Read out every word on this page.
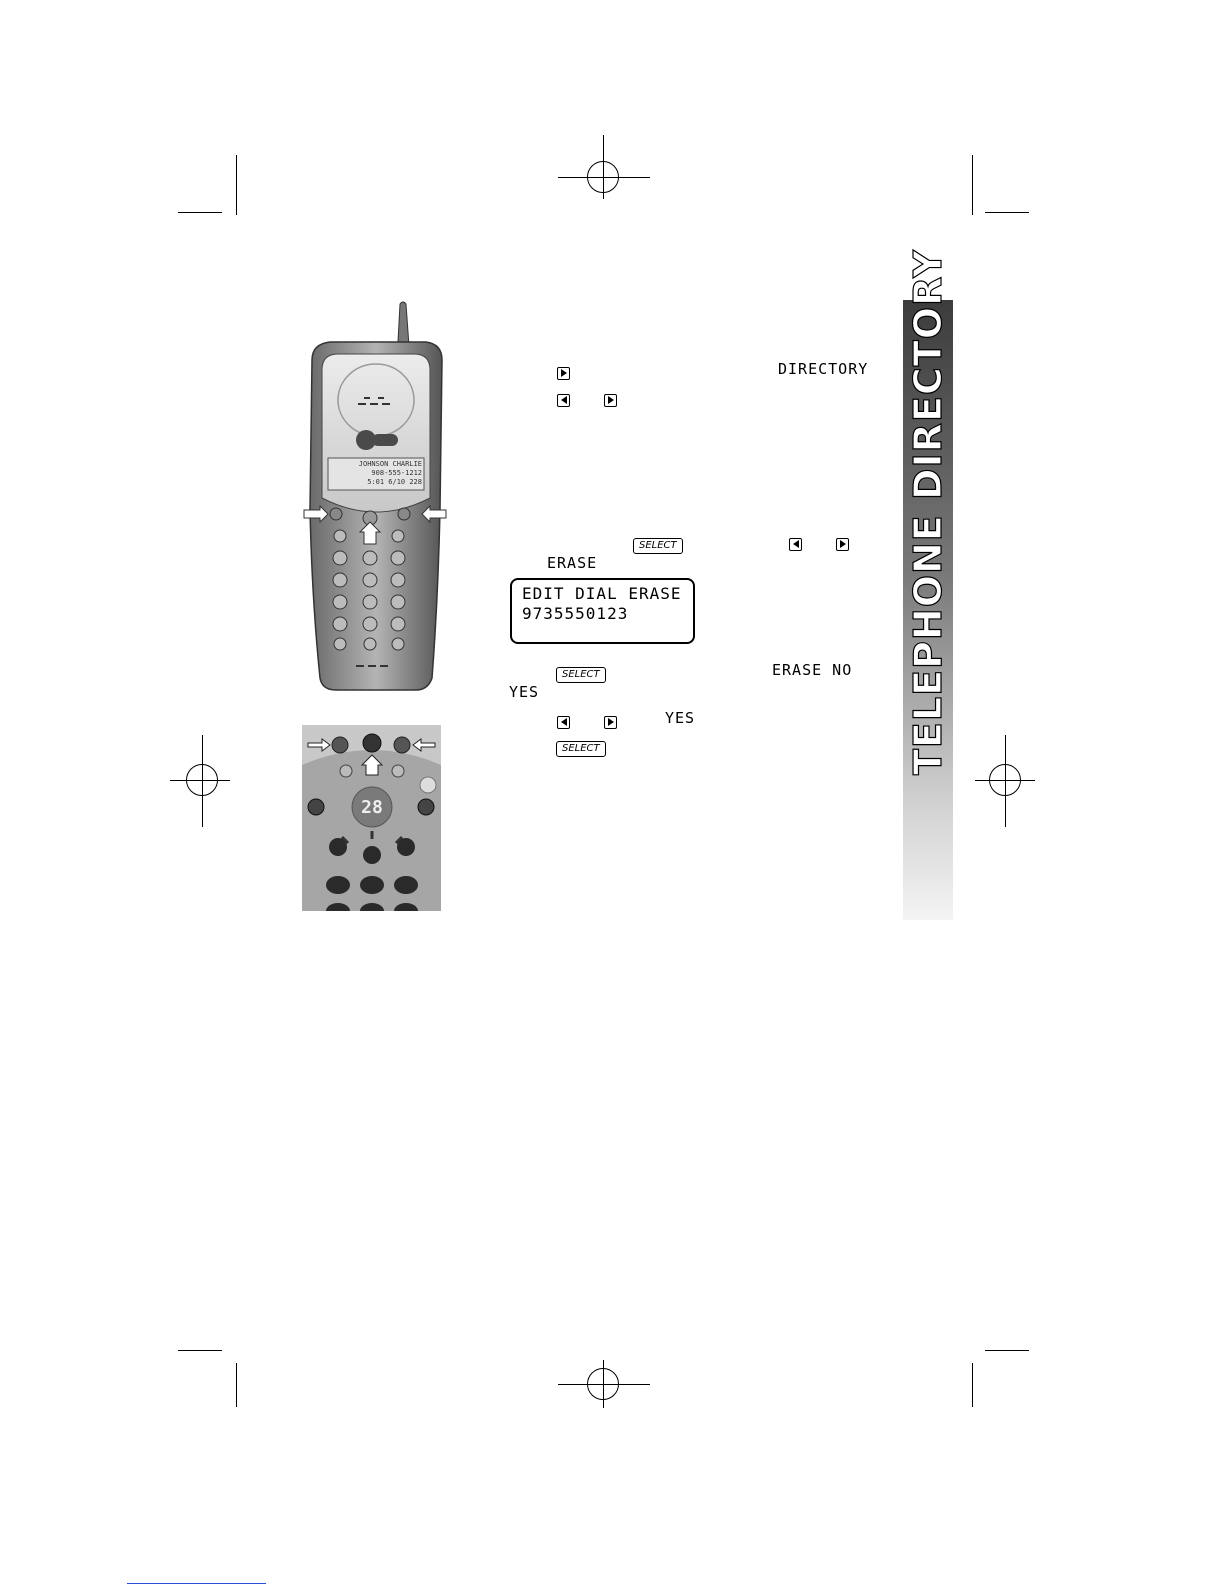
JOHNSON CHARLIE
908-555-1212
5:01 6/10 228
28
DIRECTORY
SELECT
ERASE
EDIT DIAL ERASE
9735550123
SELECT	ERASE NO
YES
YES
SELECT	TELEPHONE DIRECTORY
